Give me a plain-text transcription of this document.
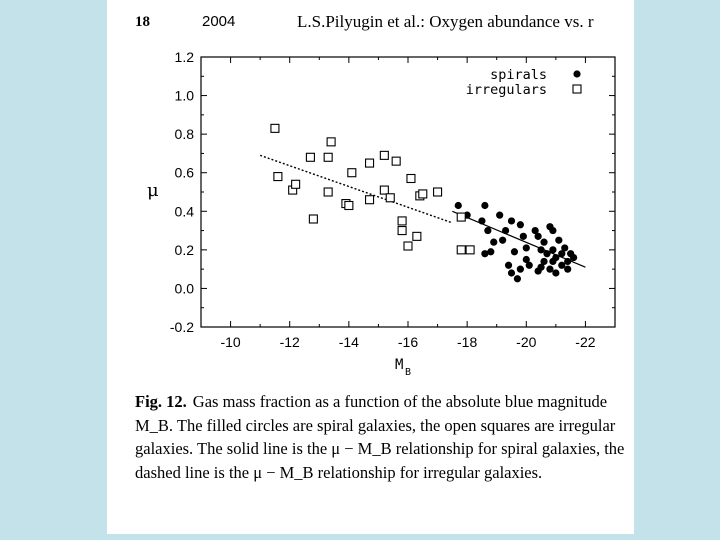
18	2004	L.S.Pilyugin et al.: Oxygen abundance vs. r
-10	-12	-14	-16	-18	-20	-22
-0.2
0.0
0.2
0.4
0.6
0.8
1.0
1.2
spirals
irregulars
μ
M B
Fig. 12. Gas mass fraction as a function of the absolute blue magnitude M_B. The filled circles are spiral galaxies, the open squares are irregular galaxies. The solid line is the μ − M_B relationship for spiral galaxies, the dashed line is the μ − M_B relationship for irregular galaxies.
